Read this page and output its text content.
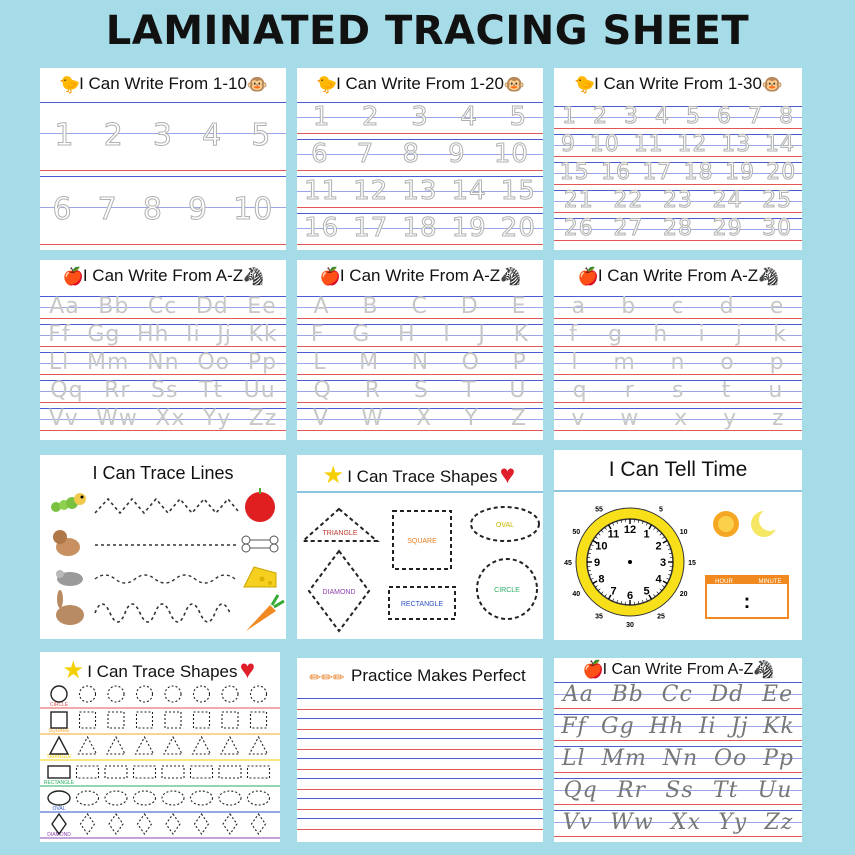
LAMINATED TRACING SHEET
🐤I Can Write From 1-10🐵
1 2 3 4 5
6 7 8 9 10
🐤I Can Write From 1-20🐵
1 2 3 4 5
6 7 8 9 10
11 12 13 14 15
16 17 18 19 20
🐤I Can Write From 1-30🐵
1 2 3 4 5 6 7 8
9 10 11 12 13 14
15 16 17 18 19 20
21 22 23 24 25
26 27 28 29 30
🍎I Can Write From A-Z🦓
Aa Bb Cc Dd Ee
Ff Gg Hh Ii Jj Kk
Ll Mm Nn Oo Pp
Qq Rr Ss Tt Uu
Vv Ww Xx Yy Zz
🍎I Can Write From A-Z🦓
A B C D E
F G H I J K
L M N O P
Q R S T U
V W X Y Z
🍎I Can Write From A-Z🦓
a b c d e
f g h i j k
l m n o p
q r s t u
v w x y z
I Can Trace Lines	★ I Can Trace Shapes♥
TRIANGLE
SQUARE
OVAL
DIAMOND
RECTANGLE
CIRCLE
I Can Tell Time
12 1
2
3
4
5
6
7
8
9
10
11
55	5
10
15
20
25
30
35
40
45
50
HOUR	MINUTE
:
★ I Can Trace Shapes♥
CIRCLE
SQUARE
TRIANGLE
RECTANGLE
OVAL
DIAMOND
✏✏✏ Practice Makes Perfect	🍎I Can Write From A-Z🦓
Aa Bb Cc Dd Ee
Ff Gg Hh Ii Jj Kk
Ll Mm Nn Oo Pp
Qq Rr Ss Tt Uu
Vv Ww Xx Yy Zz
